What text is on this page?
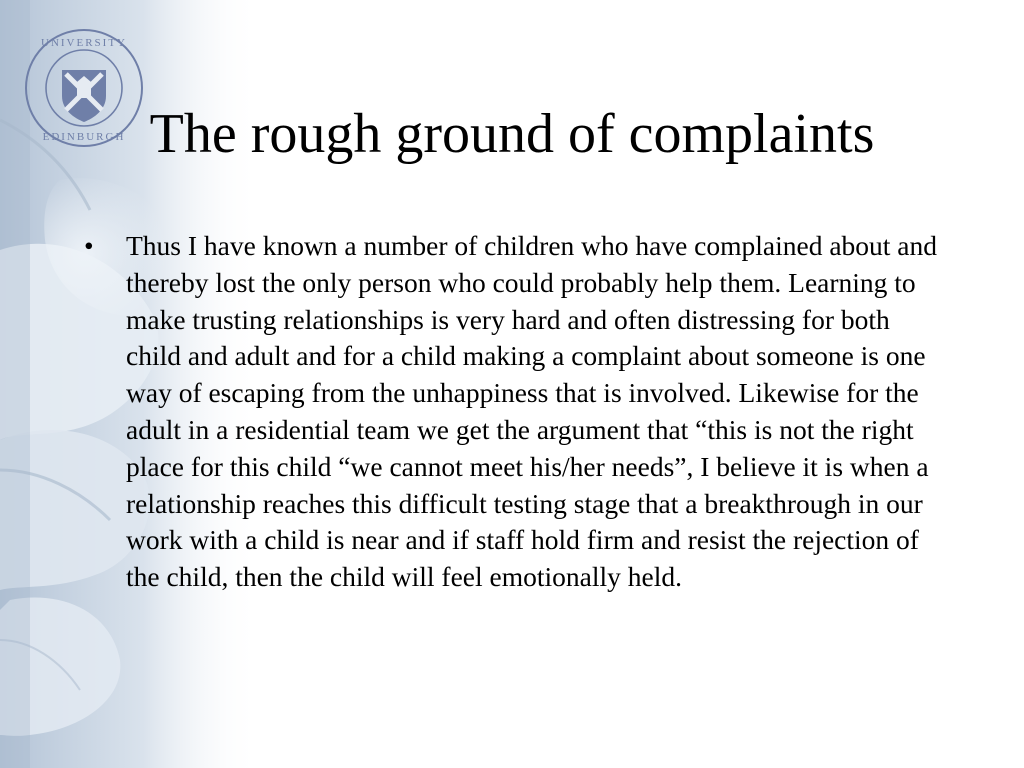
UNIVERSITY
EDINBURGH The rough ground of complaints
•	Thus I have known a number of children who have complained about and thereby lost the only person who could probably help them. Learning to make trusting relationships is very hard and often distressing for both child and adult and for a child making a complaint about someone is one way of escaping from the unhappiness that is involved. Likewise for the adult in a residential team we get the argument that “this is not the right place for this child “we cannot meet his/her needs”, I believe it is when a relationship reaches this difficult testing stage that a breakthrough in our work with a child is near and if staff hold firm and resist the rejection of the child, then the child will feel emotionally held.
